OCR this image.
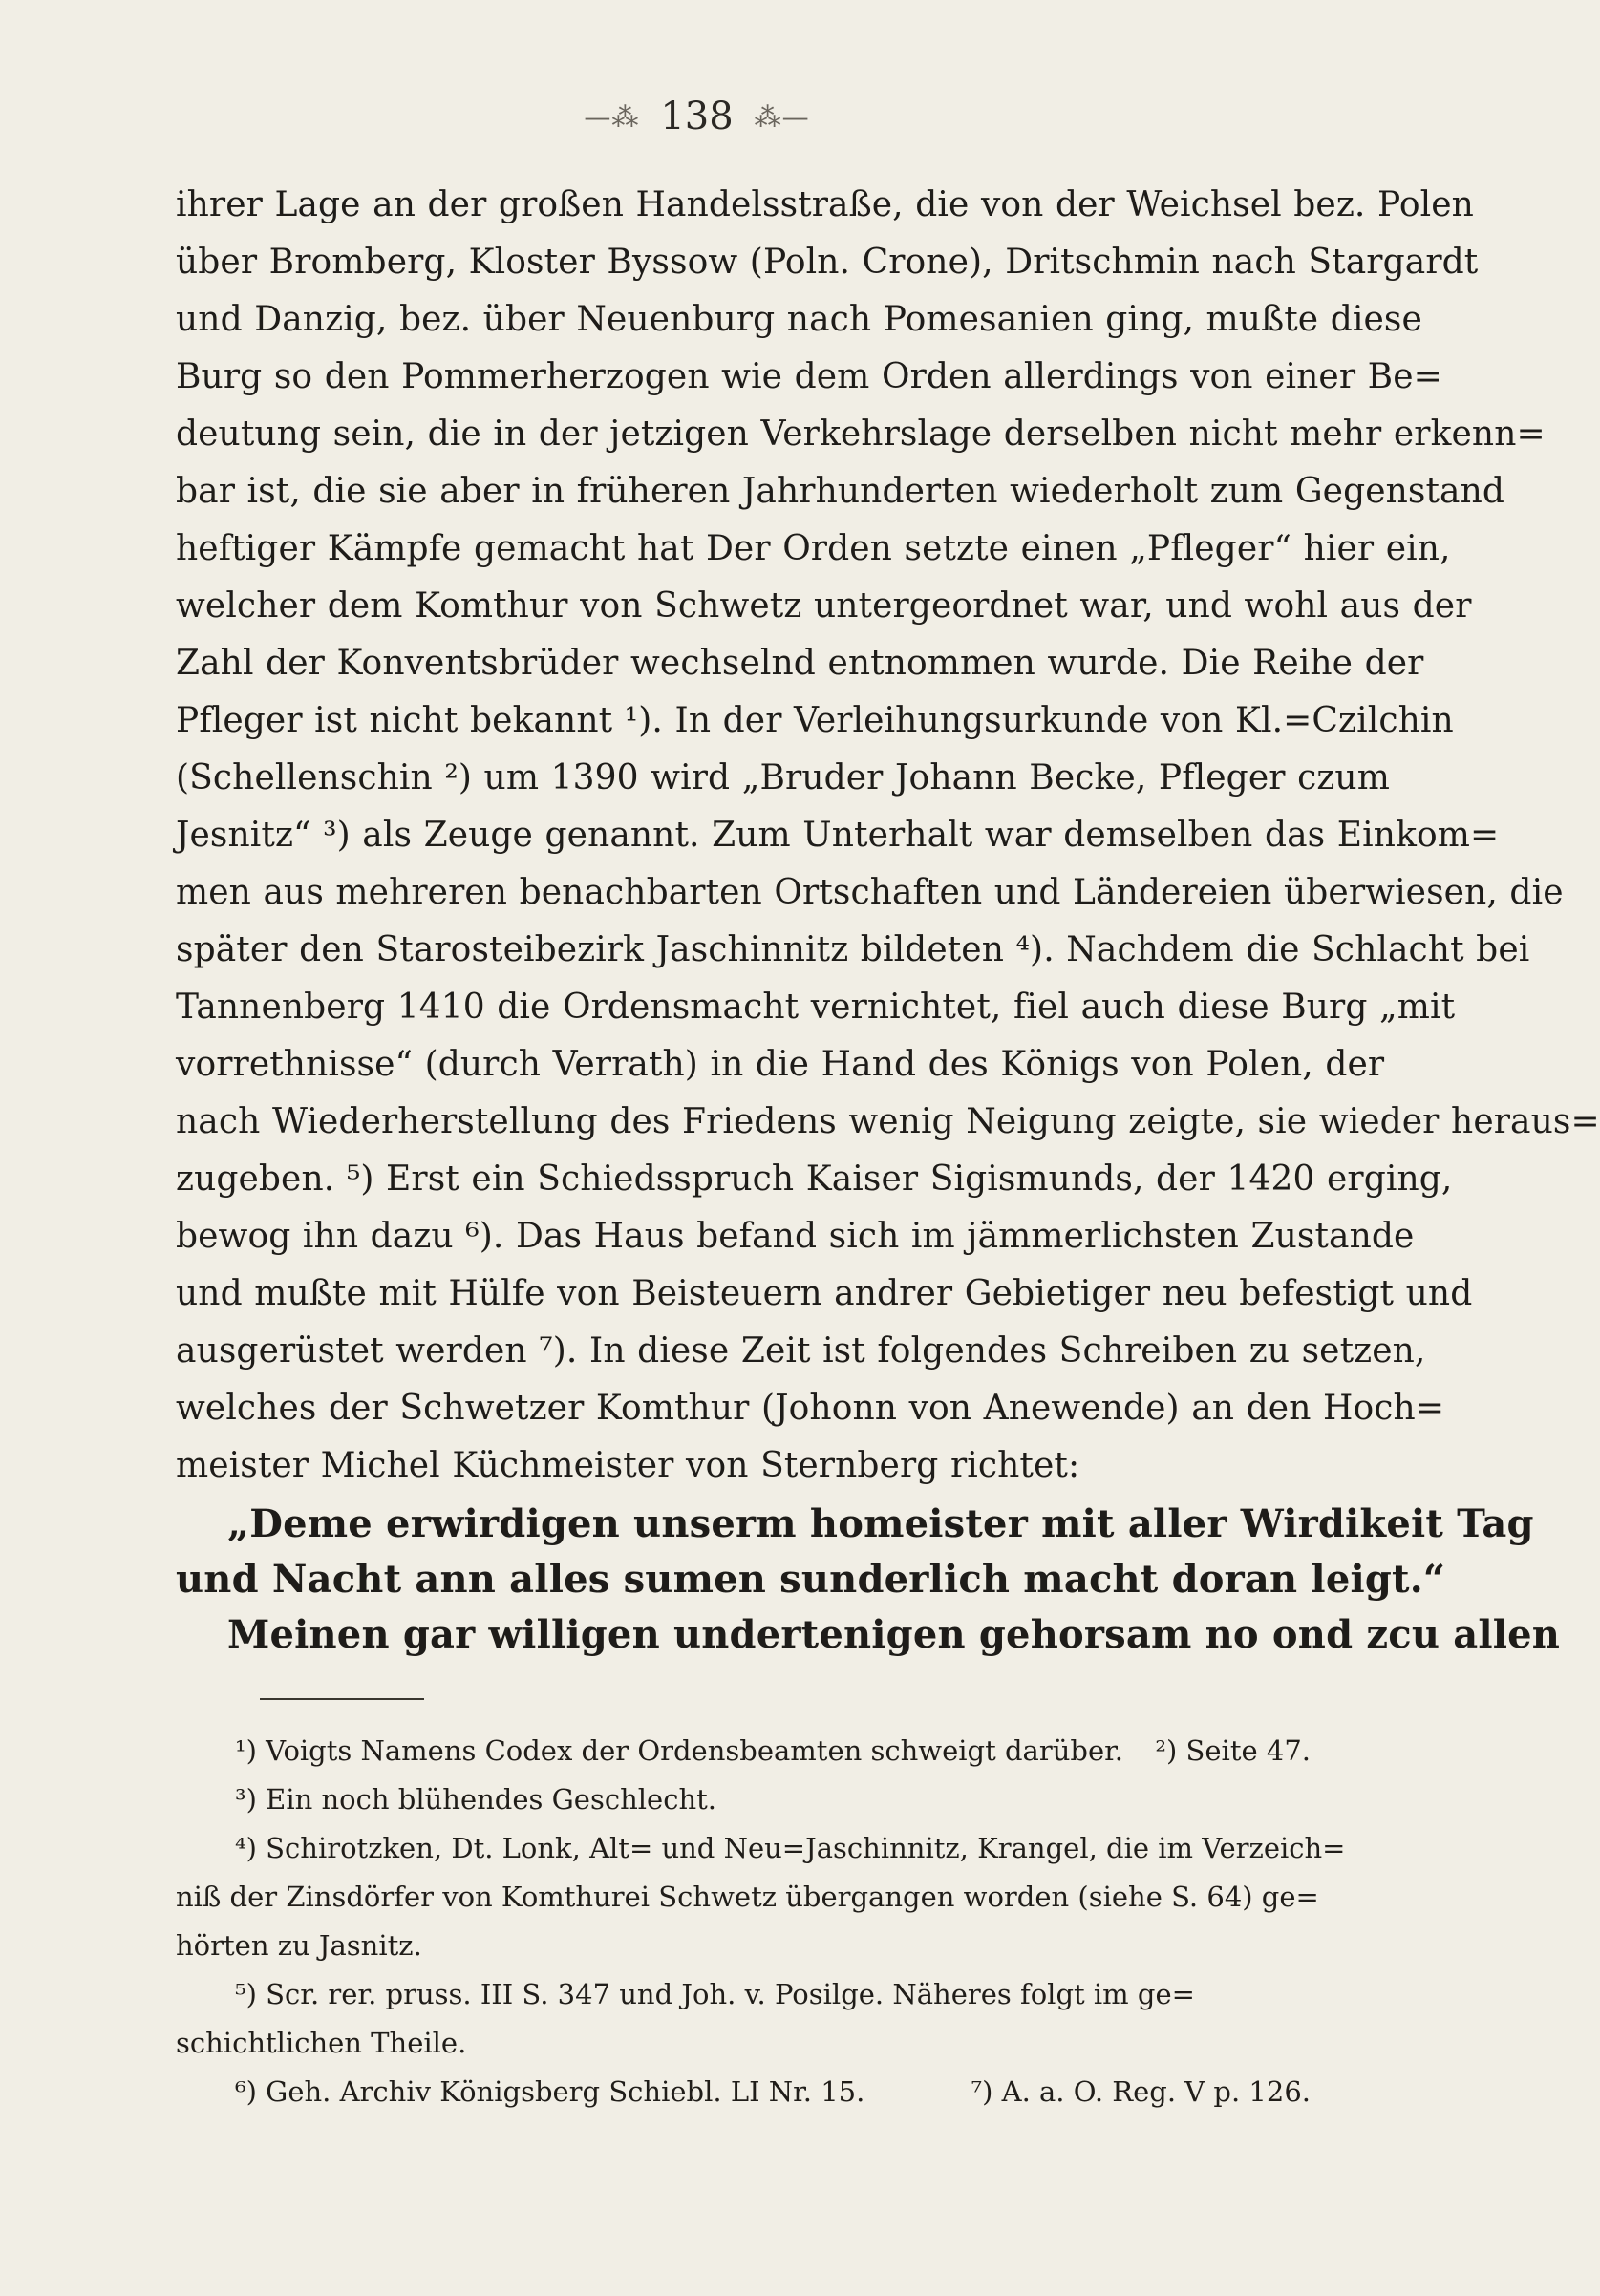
—⁂ 138 ⁂—

ihrer Lage an der großen Handelsstraße, die von der Weichsel bez. Polen
über Bromberg, Kloster Byssow (Poln. Crone), Dritschmin nach Stargardt
und Danzig, bez. über Neuenburg nach Pomesanien ging, mußte diese
Burg so den Pommerherzogen wie dem Orden allerdings von einer Be=
deutung sein, die in der jetzigen Verkehrslage derselben nicht mehr erkenn=
bar ist, die sie aber in früheren Jahrhunderten wiederholt zum Gegenstand
heftiger Kämpfe gemacht hat Der Orden setzte einen „Pfleger“ hier ein,
welcher dem Komthur von Schwetz untergeordnet war, und wohl aus der
Zahl der Konventsbrüder wechselnd entnommen wurde. Die Reihe der
Pfleger ist nicht bekannt ¹). In der Verleihungsurkunde von Kl.=Czilchin
(Schellenschin ²) um 1390 wird „Bruder Johann Becke, Pfleger czum
Jesnitz“ ³) als Zeuge genannt. Zum Unterhalt war demselben das Einkom=
men aus mehreren benachbarten Ortschaften und Ländereien überwiesen, die
später den Starosteibezirk Jaschinnitz bildeten ⁴). Nachdem die Schlacht bei
Tannenberg 1410 die Ordensmacht vernichtet, fiel auch diese Burg „mit
vorrethnisse“ (durch Verrath) in die Hand des Königs von Polen, der
nach Wiederherstellung des Friedens wenig Neigung zeigte, sie wieder heraus=
zugeben. ⁵) Erst ein Schiedsspruch Kaiser Sigismunds, der 1420 erging,
bewog ihn dazu ⁶). Das Haus befand sich im jämmerlichsten Zustande
und mußte mit Hülfe von Beisteuern andrer Gebietiger neu befestigt und
ausgerüstet werden ⁷). In diese Zeit ist folgendes Schreiben zu setzen,
welches der Schwetzer Komthur (Johonn von Anewende) an den Hoch=
meister Michel Küchmeister von Sternberg richtet:

„Deme erwirdigen unserm homeister mit aller Wirdikeit Tag
und Nacht ann alles sumen sunderlich macht doran leigt.“
Meinen gar willigen undertenigen gehorsam no ond zcu allen
¹) Voigts Namens Codex der Ordensbeamten schweigt darüber. ²) Seite 47.
³) Ein noch blühendes Geschlecht.
⁴) Schirotzken, Dt. Lonk, Alt= und Neu=Jaschinnitz, Krangel, die im Verzeich=
niß der Zinsdörfer von Komthurei Schwetz übergangen worden (siehe S. 64) ge=
hörten zu Jasnitz.
⁵) Scr. rer. pruss. III S. 347 und Joh. v. Posilge. Näheres folgt im ge=
schichtlichen Theile.
⁶) Geh. Archiv Königsberg Schiebl. LI Nr. 15.	⁷) A. a. O. Reg. V p. 126.
